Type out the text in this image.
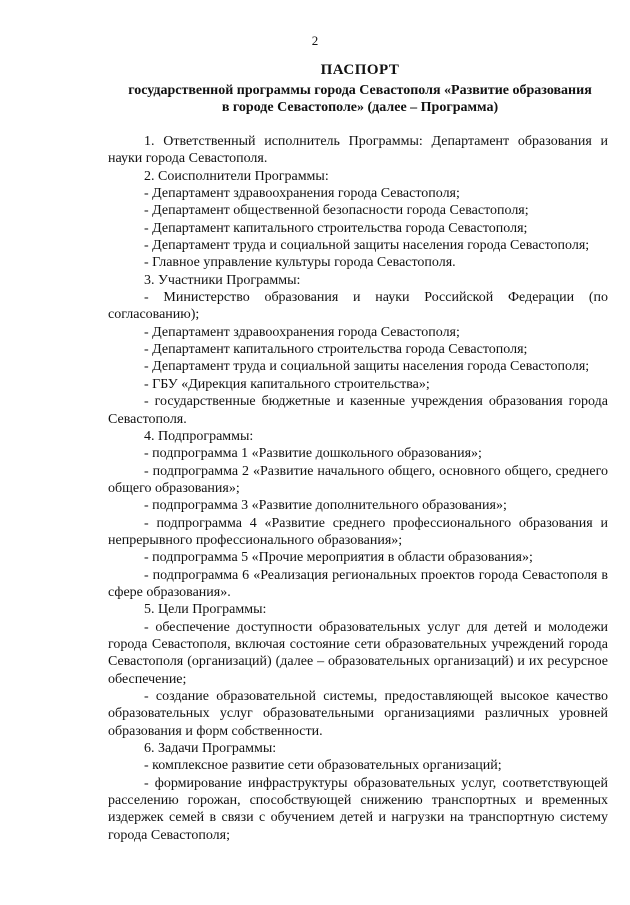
2
ПАСПОРТ
государственной программы города Севастополя «Развитие образования
в городе Севастополе» (далее – Программа)

1. Ответственный исполнитель Программы: Департамент образования и науки города Севастополя.

2. Соисполнители Программы:

- Департамент здравоохранения города Севастополя;

- Департамент общественной безопасности города Севастополя;

- Департамент капитального строительства города Севастополя;

- Департамент труда и социальной защиты населения города Севастополя;

- Главное управление культуры города Севастополя.

3. Участники Программы:

- Министерство образования и науки Российской Федерации (по согласованию);

- Департамент здравоохранения города Севастополя;

- Департамент капитального строительства города Севастополя;

- Департамент труда и социальной защиты населения города Севастополя;

- ГБУ «Дирекция капитального строительства»;

- государственные бюджетные и казенные учреждения образования города Севастополя.

4. Подпрограммы:

- подпрограмма 1 «Развитие дошкольного образования»;

- подпрограмма 2 «Развитие начального общего, основного общего, среднего общего образования»;

- подпрограмма 3 «Развитие дополнительного образования»;

- подпрограмма 4 «Развитие среднего профессионального образования и непрерывного профессионального образования»;

- подпрограмма 5 «Прочие мероприятия в области образования»;

- подпрограмма 6 «Реализация региональных проектов города Севастополя в сфере образования».

5. Цели Программы:

- обеспечение доступности образовательных услуг для детей и молодежи города Севастополя, включая состояние сети образовательных учреждений города Севастополя (организаций) (далее – образовательных организаций) и их ресурсное обеспечение;

- создание образовательной системы, предоставляющей высокое качество образовательных услуг образовательными организациями различных уровней образования и форм собственности.

6. Задачи Программы:

- комплексное развитие сети образовательных организаций;

- формирование инфраструктуры образовательных услуг, соответствующей расселению горожан, способствующей снижению транспортных и временных издержек семей в связи с обучением детей и нагрузки на транспортную систему города Севастополя;
